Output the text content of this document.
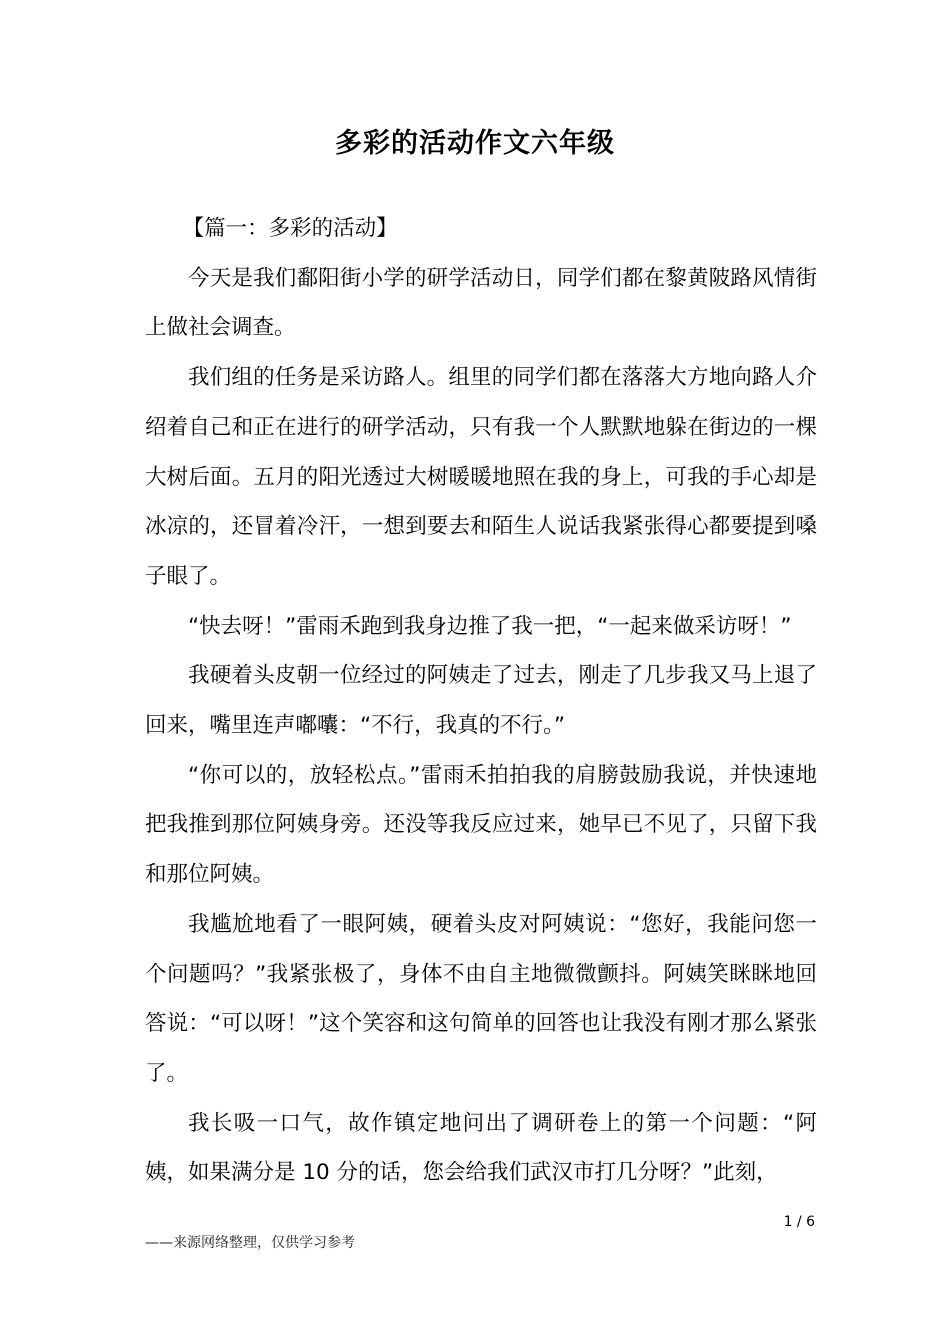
多彩的活动作文六年级

【篇一：多彩的活动】

今天是我们鄱阳街小学的研学活动日，同学们都在黎黄陂路风情街上做社会调查。

我们组的任务是采访路人。组里的同学们都在落落大方地向路人介绍着自己和正在进行的研学活动，只有我一个人默默地躲在街边的一棵大树后面。五月的阳光透过大树暖暖地照在我的身上，可我的手心却是冰凉的，还冒着冷汗，一想到要去和陌生人说话我紧张得心都要提到嗓子眼了。

“快去呀！”雷雨禾跑到我身边推了我一把，“一起来做采访呀！”

我硬着头皮朝一位经过的阿姨走了过去，刚走了几步我又马上退了回来，嘴里连声嘟囔：“不行，我真的不行。”

“你可以的，放轻松点。”雷雨禾拍拍我的肩膀鼓励我说，并快速地把我推到那位阿姨身旁。还没等我反应过来，她早已不见了，只留下我和那位阿姨。

我尴尬地看了一眼阿姨，硬着头皮对阿姨说：“您好，我能问您一个问题吗？”我紧张极了，身体不由自主地微微颤抖。阿姨笑眯眯地回答说：“可以呀！”这个笑容和这句简单的回答也让我没有刚才那么紧张了。

我长吸一口气，故作镇定地问出了调研卷上的第一个问题：“阿姨，如果满分是 10 分的话，您会给我们武汉市打几分呀？”此刻，

1 / 6
——来源网络整理，仅供学习参考
